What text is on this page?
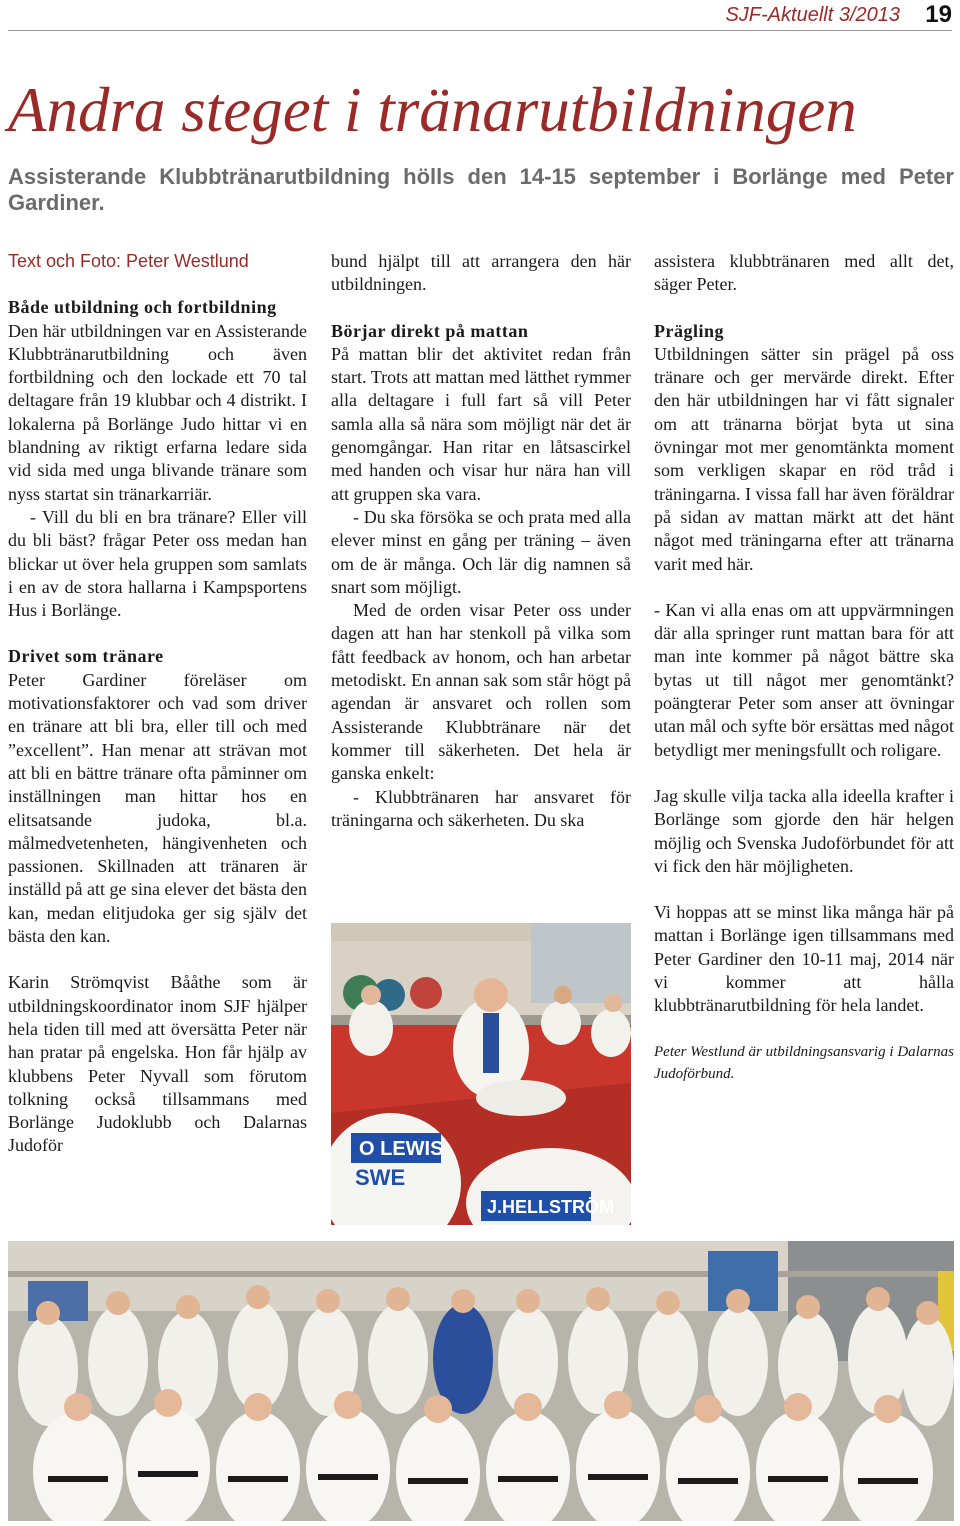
SJF-Aktuellt 3/2013 19
Andra steget i tränarutbildningen

Assisterande Klubbtränarutbildning hölls den 14-15 september i Borlänge med Peter Gardiner.

Text och Foto: Peter Westlund

Både utbildning och fortbildning

Den här utbildningen var en Assisterande Klubbtränarutbildning och även fortbildning och den lockade ett 70 tal deltagare från 19 klubbar och 4 distrikt. I lokalerna på Borlänge Judo hittar vi en blandning av riktigt erfarna ledare sida vid sida med unga blivande tränare som nyss startat sin tränarkarriär.

- Vill du bli en bra tränare? Eller vill du bli bäst? frågar Peter oss medan han blickar ut över hela gruppen som samlats i en av de stora hallarna i Kampsportens Hus i Borlänge.

Drivet som tränare

Peter Gardiner föreläser om motivationsfaktorer och vad som driver en tränare att bli bra, eller till och med ”excellent”. Han menar att strävan mot att bli en bättre tränare ofta påminner om inställningen man hittar hos en elitsatsande judoka, bl.a. målmedvetenheten, hängivenheten och passionen. Skillnaden att tränaren är inställd på att ge sina elever det bästa den kan, medan elitjudoka ger sig själv det bästa den kan.

Karin Strömqvist Bååthe som är utbildningskoordinator inom SJF hjälper hela tiden till med att översätta Peter när han pratar på engelska. Hon får hjälp av klubbens Peter Nyvall som förutom tolkning också tillsammans med Borlänge Judoklubb och Dalarnas Judoför

bund hjälpt till att arrangera den här utbildningen.

Börjar direkt på mattan

På mattan blir det aktivitet redan från start. Trots att mattan med lätthet rymmer alla deltagare i full fart så vill Peter samla alla så nära som möjligt när det är genomgångar. Han ritar en låtsascirkel med handen och visar hur nära han vill att gruppen ska vara.

- Du ska försöka se och prata med alla elever minst en gång per träning – även om de är många. Och lär dig namnen så snart som möjligt.

Med de orden visar Peter oss under dagen att han har stenkoll på vilka som fått feedback av honom, och han arbetar metodiskt. En annan sak som står högt på agendan är ansvaret och rollen som Assisterande Klubbtränare när det kommer till säkerheten. Det hela är ganska enkelt:

- Klubbtränaren har ansvaret för träningarna och säkerheten. Du ska

O LEWIS
SWE
J.HELLSTRÖM

assistera klubbtränaren med allt det, säger Peter.

Prägling

Utbildningen sätter sin prägel på oss tränare och ger mervärde direkt. Efter den här utbildningen har vi fått signaler om att tränarna börjat byta ut sina övningar mot mer genomtänkta moment som verkligen skapar en röd tråd i träningarna. I vissa fall har även föräldrar på sidan av mattan märkt att det hänt något med träningarna efter att tränarna varit med här.

- Kan vi alla enas om att uppvärmningen där alla springer runt mattan bara för att man inte kommer på något bättre ska bytas ut till något mer genomtänkt? poängterar Peter som anser att övningar utan mål och syfte bör ersättas med något betydligt mer meningsfullt och roligare.

Jag skulle vilja tacka alla ideella krafter i Borlänge som gjorde den här helgen möjlig och Svenska Judoförbundet för att vi fick den här möjligheten.

Vi hoppas att se minst lika många här på mattan i Borlänge igen tillsammans med Peter Gardiner den 10-11 maj, 2014 när vi kommer att hålla klubbtränarutbildning för hela landet.

Peter Westlund är utbildningsansvarig i Dalarnas Judoförbund.
